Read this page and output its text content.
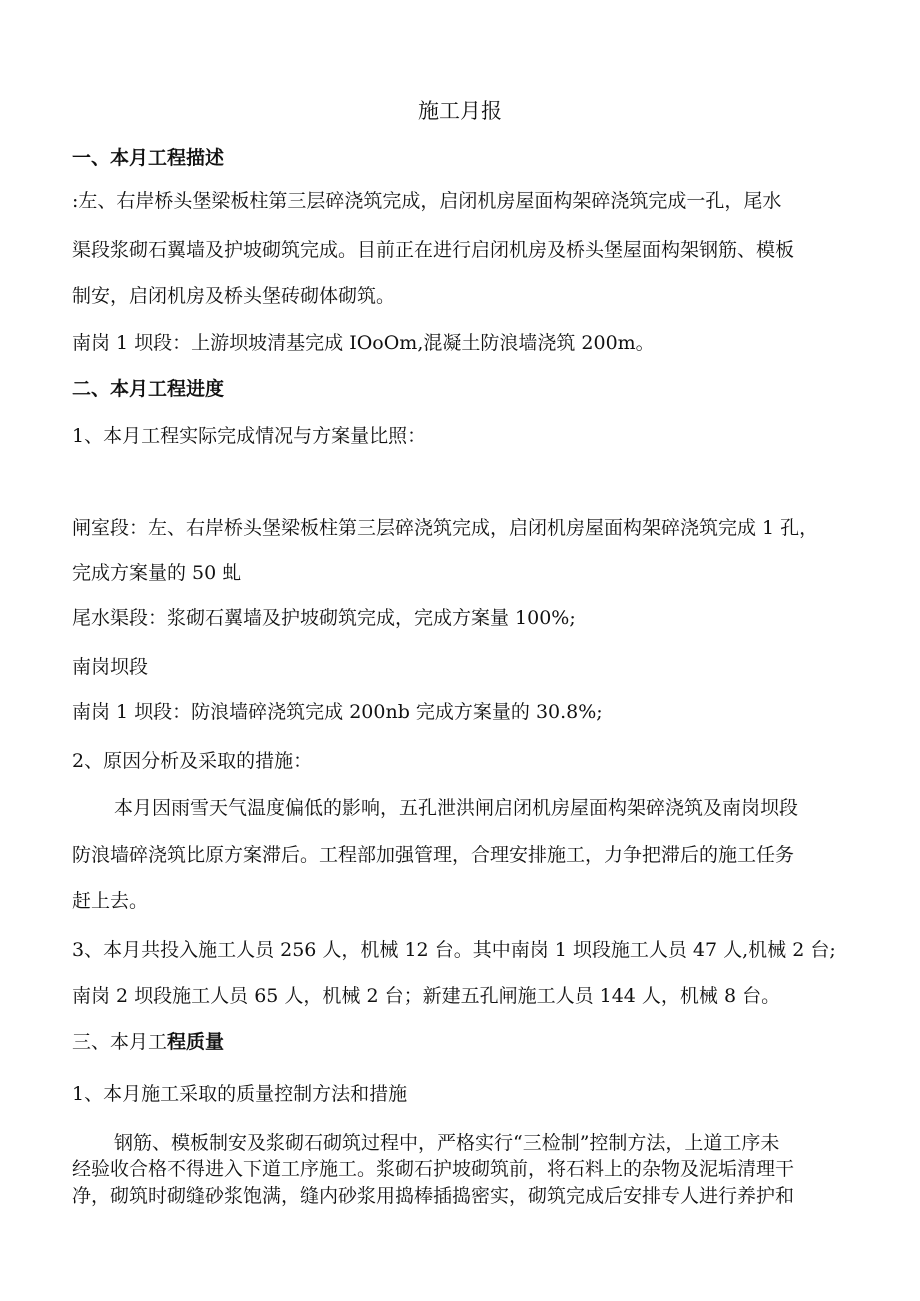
施工月报
一、本月工程描述
:左、右岸桥头堡梁板柱第三层碎浇筑完成，启闭机房屋面构架碎浇筑完成一孔，尾水
渠段浆砌石翼墙及护坡砌筑完成。目前正在进行启闭机房及桥头堡屋面构架钢筋、模板
制安，启闭机房及桥头堡砖砌体砌筑。
南岗 1 坝段：上游坝坡清基完成 IOoOm,混凝土防浪墙浇筑 200m。
二、本月工程进度
1、本月工程实际完成情况与方案量比照：
闸室段：左、右岸桥头堡梁板柱第三层碎浇筑完成，启闭机房屋面构架碎浇筑完成 1 孔，
完成方案量的 50 虬
尾水渠段：浆砌石翼墙及护坡砌筑完成，完成方案量 100%;
南岗坝段
南岗 1 坝段：防浪墙碎浇筑完成 200nb 完成方案量的 30.8%;
2、原因分析及采取的措施：
本月因雨雪天气温度偏低的影响，五孔泄洪闸启闭机房屋面构架碎浇筑及南岗坝段
防浪墙碎浇筑比原方案滞后。工程部加强管理，合理安排施工，力争把滞后的施工任务
赶上去。
3、本月共投入施工人员 256 人，机械 12 台。其中南岗 1 坝段施工人员 47 人,机械 2 台;
南岗 2 坝段施工人员 65 人，机械 2 台；新建五孔闸施工人员 144 人，机械 8 台。
三、本月工程质量
1、本月施工采取的质量控制方法和措施
钢筋、模板制安及浆砌石砌筑过程中，严格实行“三检制”控制方法，上道工序未
经验收合格不得进入下道工序施工。浆砌石护坡砌筑前，将石料上的杂物及泥垢清理干
净，砌筑时砌缝砂浆饱满，缝内砂浆用捣棒插捣密实，砌筑完成后安排专人进行养护和
